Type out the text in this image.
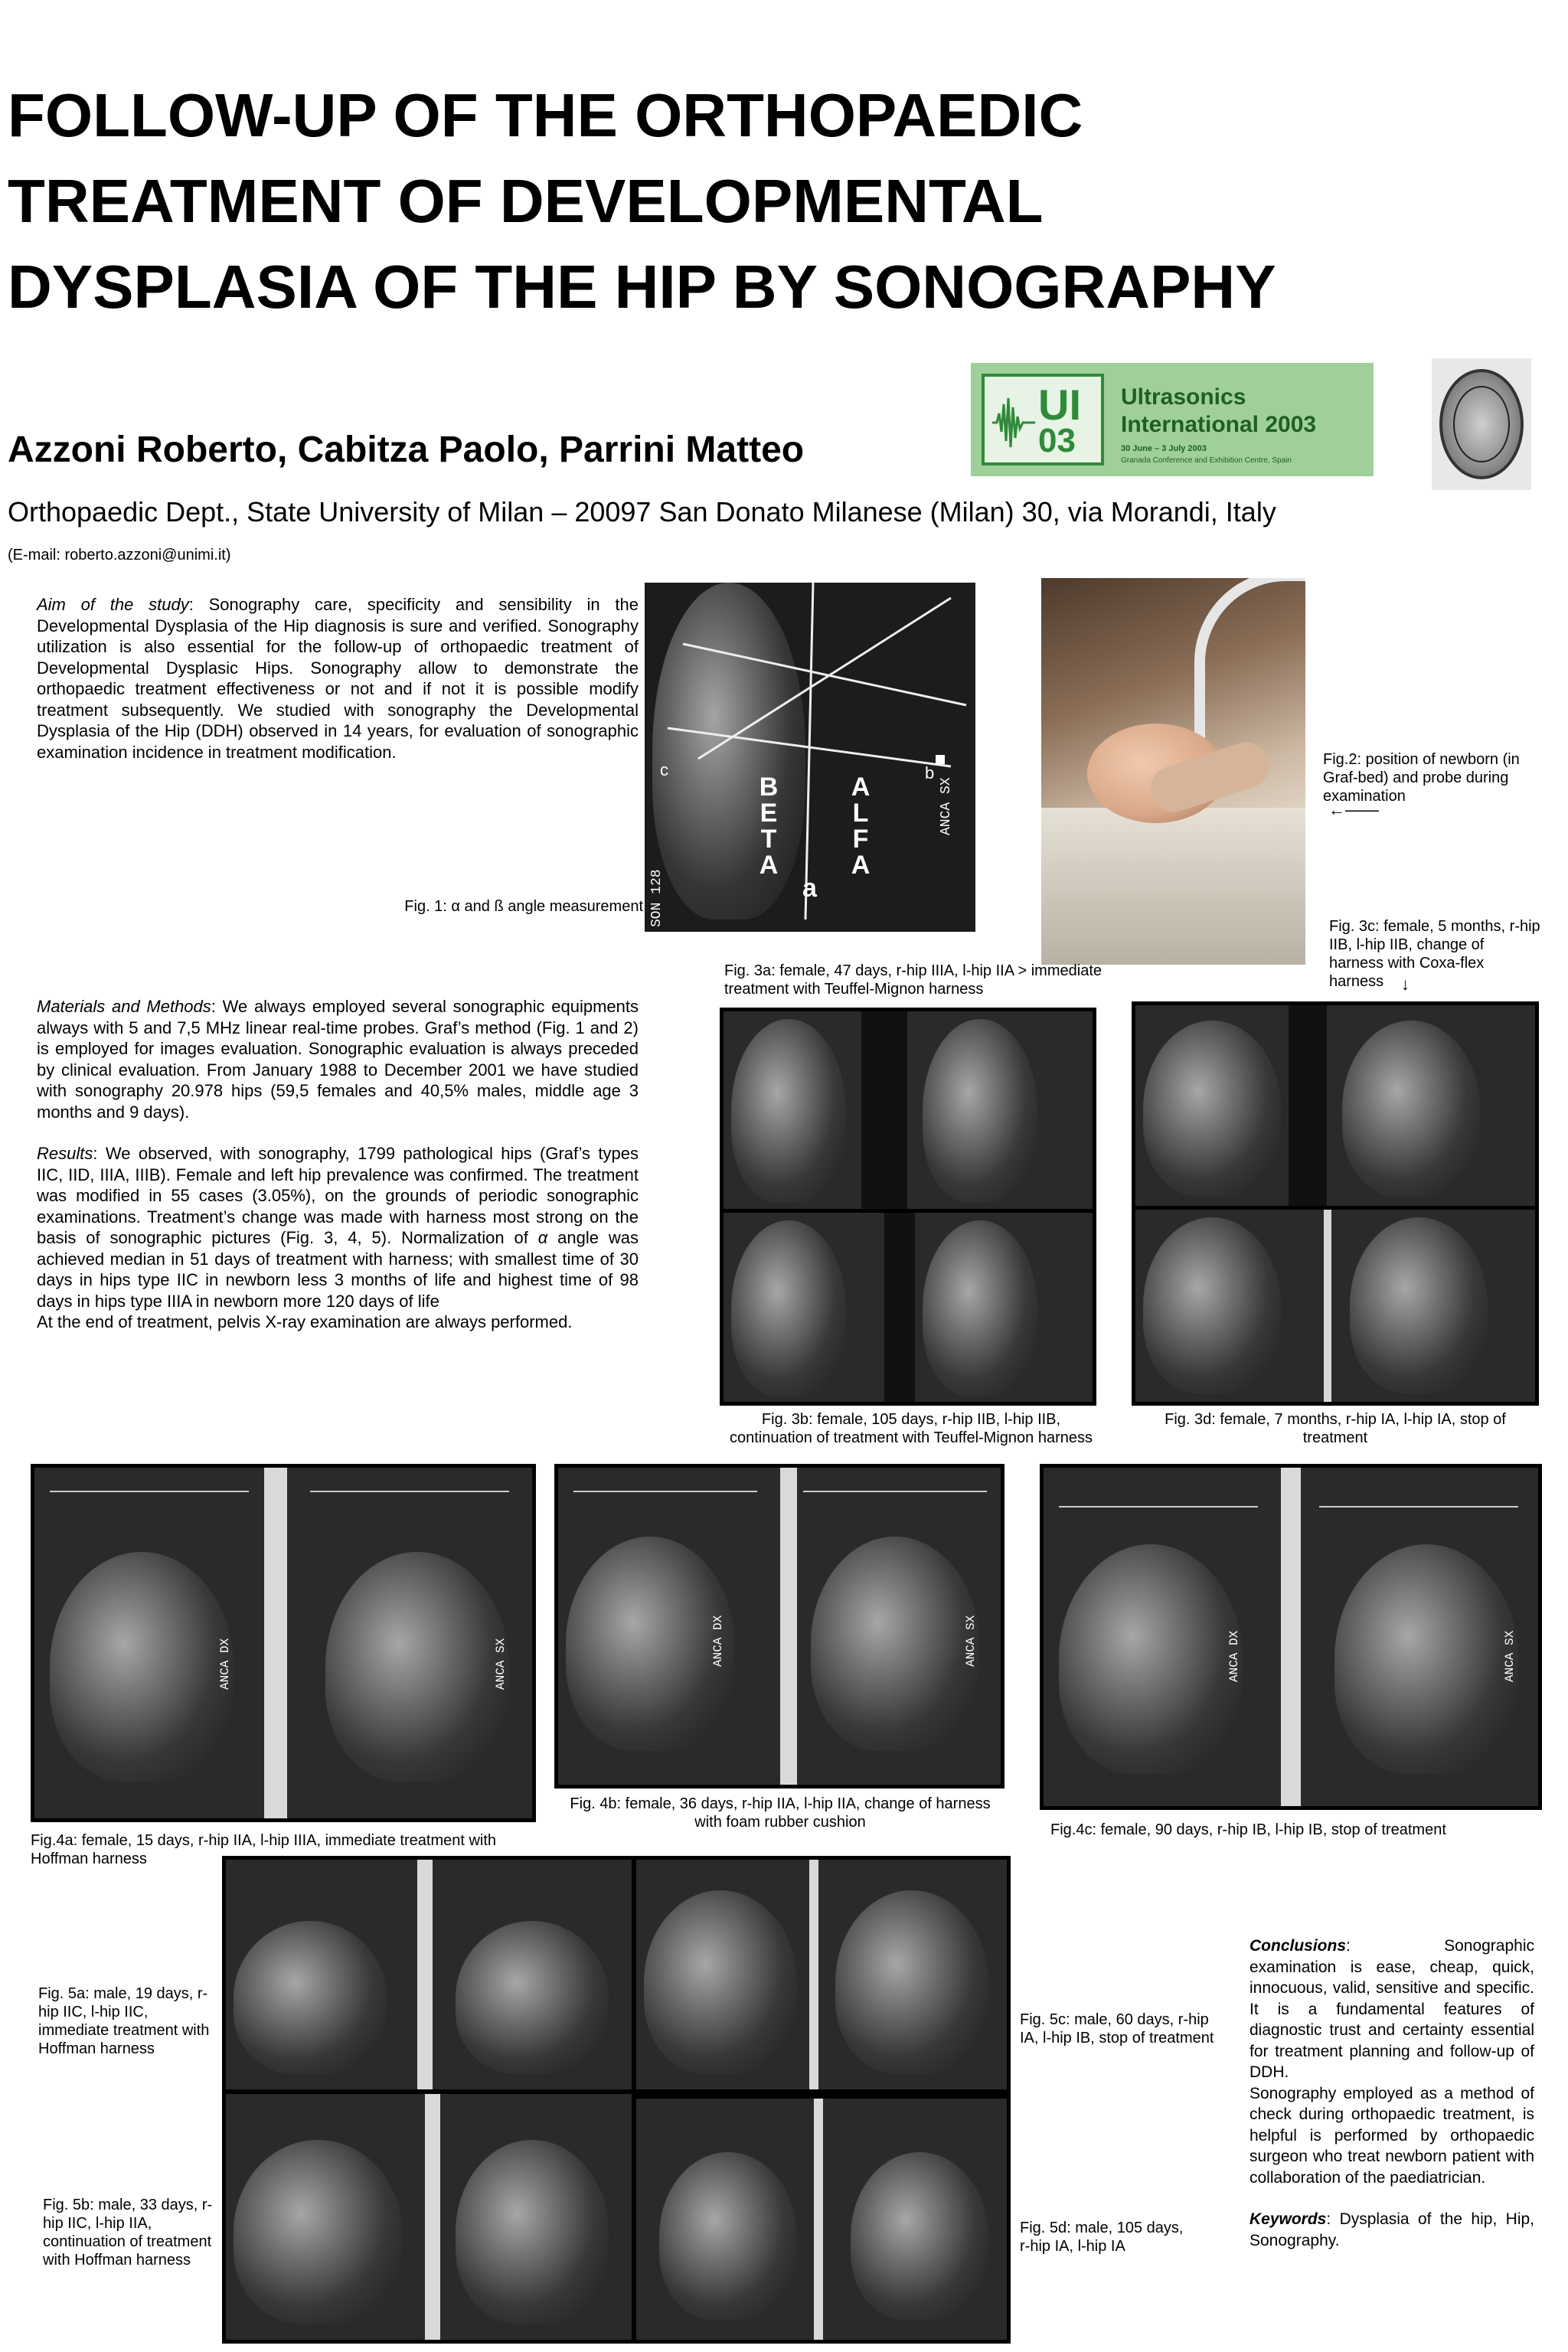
FOLLOW-UP OF THE ORTHOPAEDIC
TREATMENT OF DEVELOPMENTAL
DYSPLASIA OF THE HIP BY SONOGRAPHY
UI
03
Ultrasonics
International 2003
30 June – 3 July 2003
Granada Conference and Exhibition Centre, Spain
Azzoni Roberto, Cabitza Paolo, Parrini Matteo
Orthopaedic Dept., State University of Milan – 20097 San Donato Milanese (Milan) 30, via Morandi, Italy
(E-mail: roberto.azzoni@unimi.it)

Aim of the study: Sonography care, specificity and sensibility in the Developmental Dysplasia of the Hip diagnosis is sure and verified. Sonography utilization is also essential for the follow-up of orthopaedic treatment of Developmental Dysplasic Hips. Sonography allow to demonstrate the orthopaedic treatment effectiveness or not and if not it is possible modify treatment subsequently. We studied with sonography the Developmental Dysplasia of the Hip (DDH) observed in 14 years, for evaluation of sonographic examination incidence in treatment modification.

BETA
ALFA
a
c	b
ANCA SX
SON 128
Fig. 1: α and ß angle measurement
Fig.2: position of newborn (in Graf-bed) and probe during examination
←——
Fig. 3a: female, 47 days, r-hip IIIA, l-hip IIA > immediate treatment with Teuffel-Mignon harness
Fig. 3c: female, 5 months, r-hip IIB, l-hip IIB, change of harness with Coxa-flex harness	↓
Fig. 3b: female, 105 days, r-hip IIB, l-hip IIB, continuation of treatment with Teuffel-Mignon harness
Fig. 3d: female, 7 months, r-hip IA, l-hip IA, stop of treatment

Materials and Methods: We always employed several sonographic equipments always with 5 and 7,5 MHz linear real-time probes. Graf’s method (Fig. 1 and 2) is employed for images evaluation. Sonographic evaluation is always preceded by clinical evaluation. From January 1988 to December 2001 we have studied with sonography 20.978 hips (59,5 females and 40,5% males, middle age 3 months and 9 days).

Results: We observed, with sonography, 1799 pathological hips (Graf’s types IIC, IID, IIIA, IIIB). Female and left hip prevalence was confirmed. The treatment was modified in 55 cases (3.05%), on the grounds of periodic sonographic examinations. Treatment’s change was made with harness most strong on the basis of sonographic pictures (Fig. 3, 4, 5). Normalization of α angle was achieved median in 51 days of treatment with harness; with smallest time of 30 days in hips type IIC in newborn less 3 months of life and highest time of 98 days in hips type IIIA in newborn more 120 days of life

At the end of treatment, pelvis X-ray examination are always performed.

ANCA DX	ANCA SX
Fig.4a: female, 15 days, r-hip IIA, l-hip IIIA, immediate treatment with Hoffman harness
ANCA DX	ANCA SX
Fig. 4b: female, 36 days, r-hip IIA, l-hip IIA, change of harness with foam rubber cushion
ANCA DX	ANCA SX
Fig.4c: female, 90 days, r-hip IB, l-hip IB, stop of treatment
Fig. 5a: male, 19 days, r-hip IIC, l-hip IIC, immediate treatment with Hoffman harness
Fig. 5b: male, 33 days, r-hip IIC, l-hip IIA, continuation of treatment with Hoffman harness
Fig. 5c: male, 60 days, r-hip IA, l-hip IB, stop of treatment
Fig. 5d: male, 105 days, r-hip IA, l-hip IA

Conclusions: Sonographic examination is ease, cheap, quick, innocuous, valid, sensitive and specific. It is a fundamental features of diagnostic trust and certainty essential for treatment planning and follow-up of DDH.

Sonography employed as a method of check during orthopaedic treatment, is helpful is performed by orthopaedic surgeon who treat newborn patient with collaboration of the paediatrician.

Keywords: Dysplasia of the hip, Hip, Sonography.
